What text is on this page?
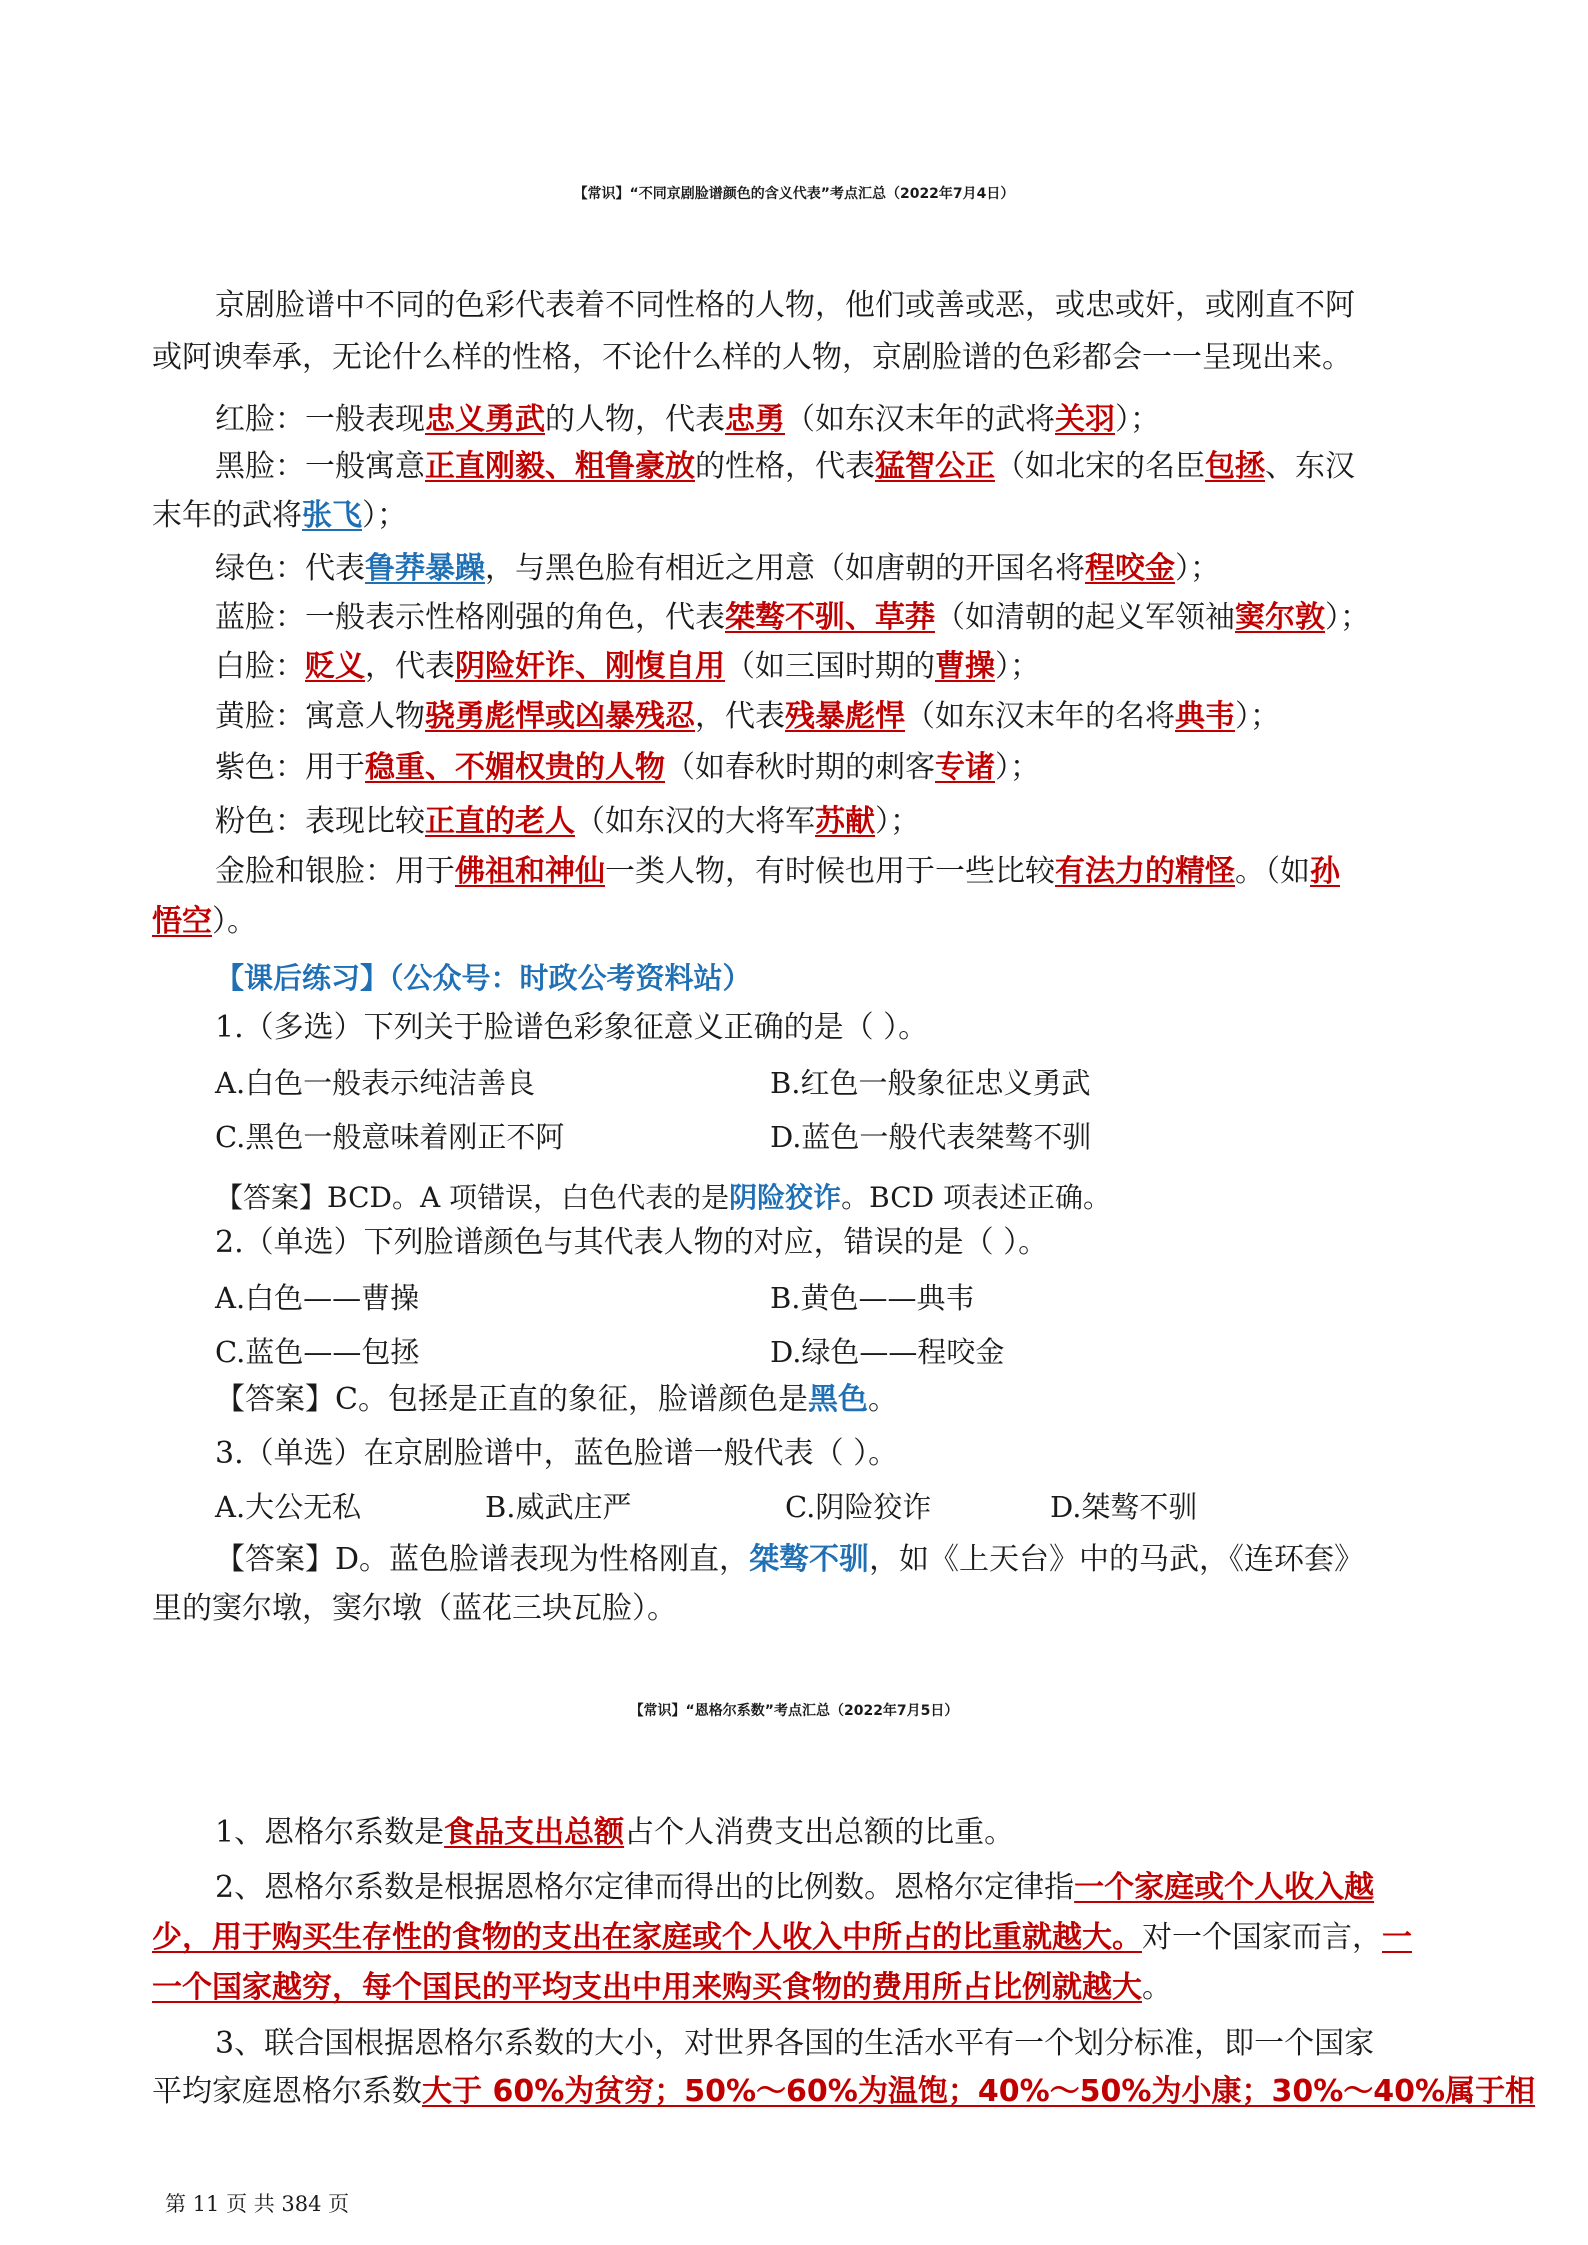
【常识】“不同京剧脸谱颜色的含义代表”考点汇总（2022年7月4日）
京剧脸谱中不同的色彩代表着不同性格的人物，他们或善或恶，或忠或奸，或刚直不阿
或阿谀奉承，无论什么样的性格，不论什么样的人物，京剧脸谱的色彩都会一一呈现出来。
红脸：一般表现忠义勇武的人物，代表忠勇（如东汉末年的武将关羽）；
黑脸：一般寓意正直刚毅、粗鲁豪放的性格，代表猛智公正（如北宋的名臣包拯、东汉
末年的武将张飞）；
绿色：代表鲁莽暴躁，与黑色脸有相近之用意（如唐朝的开国名将程咬金）；
蓝脸：一般表示性格刚强的角色，代表桀骜不驯、草莽（如清朝的起义军领袖窦尔敦）；
白脸：贬义，代表阴险奸诈、刚愎自用（如三国时期的曹操）；
黄脸：寓意人物骁勇彪悍或凶暴残忍，代表残暴彪悍（如东汉末年的名将典韦）；
紫色：用于稳重、不媚权贵的人物（如春秋时期的刺客专诸）；
粉色：表现比较正直的老人（如东汉的大将军苏献）；
金脸和银脸：用于佛祖和神仙一类人物，有时候也用于一些比较有法力的精怪。（如孙
悟空）。
【课后练习】（公众号：时政公考资料站）
1.（多选）下列关于脸谱色彩象征意义正确的是（ ）。
A.白色一般表示纯洁善良	B.红色一般象征忠义勇武
C.黑色一般意味着刚正不阿	D.蓝色一般代表桀骜不驯
【答案】BCD。A 项错误，白色代表的是阴险狡诈。BCD 项表述正确。
2.（单选）下列脸谱颜色与其代表人物的对应，错误的是（ ）。
A.白色——曹操	B.黄色——典韦
C.蓝色——包拯	D.绿色——程咬金
【答案】C。包拯是正直的象征，脸谱颜色是黑色。
3.（单选）在京剧脸谱中，蓝色脸谱一般代表（ ）。
A.大公无私	B.威武庄严	C.阴险狡诈	D.桀骜不驯
【答案】D。蓝色脸谱表现为性格刚直，桀骜不驯，如《上天台》中的马武，《连环套》
里的窦尔墩，窦尔墩（蓝花三块瓦脸）。
【常识】“恩格尔系数”考点汇总（2022年7月5日）
1、恩格尔系数是食品支出总额占个人消费支出总额的比重。
2、恩格尔系数是根据恩格尔定律而得出的比例数。恩格尔定律指一个家庭或个人收入越
少，用于购买生存性的食物的支出在家庭或个人收入中所占的比重就越大。对一个国家而言，一
一个国家越穷，每个国民的平均支出中用来购买食物的费用所占比例就越大。
3、联合国根据恩格尔系数的大小，对世界各国的生活水平有一个划分标准，即一个国家
平均家庭恩格尔系数大于 60%为贫穷；50%～60%为温饱；40%～50%为小康；30%～40%属于相
第 11 页 共 384 页
